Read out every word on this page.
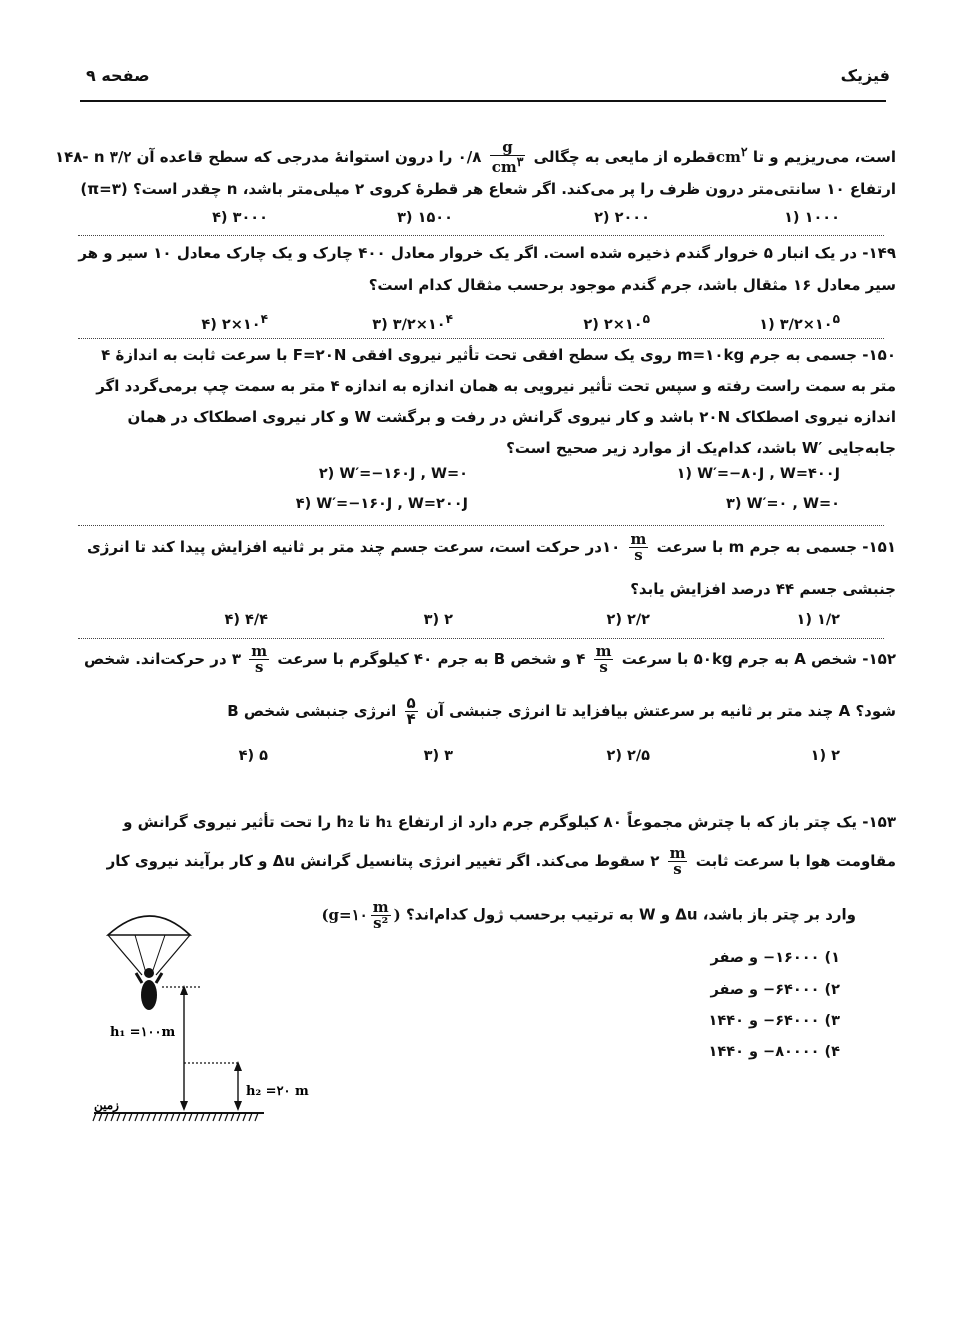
فیزیک
صفحه ۹
۱۴۸- n قطره از مایعی به چگالی
$\frac{g}{cm^۳}$
۰/۸ را درون استوانهٔ مدرجی که سطح قاعده آن $۳/۲cm^۲$ است، می‌ریزیم و تا
ارتفاع ۱۰ سانتی‌متر درون ظرف را پر می‌کند. اگر شعاع هر قطرهٔ کروی ۲ میلی‌متر باشد، n چقدر است؟ (۳=π)
۱) ۱۰۰۰
۲) ۲۰۰۰
۳) ۱۵۰۰
۴) ۳۰۰۰
۱۴۹- در یک انبار ۵ خروار گندم ذخیره شده است. اگر یک خروار معادل ۴۰۰ چارک و یک چارک معادل ۱۰ سیر و هر
سیر معادل ۱۶ مثقال باشد، جرم گندم موجود برحسب مثقال کدام است؟
۱) $۳/۲\times ۱۰^۵$
۲) $۲\times ۱۰^۵$
۳) $۳/۲\times ۱۰^۴$
۴) $۲\times ۱۰^۴$
۱۵۰- جسمی به جرم m=۱۰kg روی یک سطح افقی تحت تأثیر نیروی افقی F=۲۰N با سرعت ثابت به اندازهٔ ۴
متر به سمت راست رفته و سپس تحت تأثیر نیرویی به همان اندازه به اندازه ۴ متر به سمت چپ برمی‌گردد اگر
اندازه نیروی اصطکاک ۲۰N باشد و کار نیروی گرانش در رفت و برگشت W و کار نیروی اصطکاک در همان
جابه‌جایی ′W باشد، کدام‌یک از موارد زیر صحیح است؟
۱) W′=−۸۰J , W=۴۰۰J
۲) W′=−۱۶۰J , W=۰
۳) W′=۰ , W=۰
۴) W′=−۱۶۰J , W=۲۰۰J
۱۵۱- جسمی به جرم m با سرعت
$\frac{m}{s}$
۱۰در حرکت است، سرعت جسم چند متر بر ثانیه افزایش پیدا کند تا انرژی
جنبشی جسم ۴۴ درصد افزایش یابد؟
۱) ۱/۲
۲) ۲/۲
۳) ۲
۴) ۴/۴
۱۵۲- شخص A به جرم ۵۰kg با سرعت
$\frac{m}{s}$
۴ و شخص B به جرم ۴۰ کیلوگرم با سرعت
$\frac{m}{s}$
۳ در حرکت‌اند. شخص
B چند متر بر ثانیه بر سرعتش بیافزاید تا انرژی جنبشی آن
$\frac{۵}{۴}$
انرژی جنبشی شخص A شود؟
۱) ۲
۲) ۲/۵
۳) ۳
۴) ۵
۱۵۳- یک چتر باز که با چترش مجموعاً ۸۰ کیلوگرم جرم دارد از ارتفاع h₁ تا h₂ را تحت تأثیر نیروی گرانش و
مقاومت هوا با سرعت ثابت
$\frac{m}{s}$
۲ سقوط می‌کند. اگر تغییر انرژی پتانسیل گرانش Δu و کار برآیند نیروی کار
وارد بر چتر باز باشد، Δu و W به ترتیب برحسب ژول کدام‌اند؟ (g=۱۰ $\frac{m}{\text{s²}}$ )
۱) ۱۶۰۰۰− و صفر
۲) ۶۴۰۰۰− و صفر
۳) ۶۴۰۰۰− و ۱۴۴۰
۴) ۸۰۰۰۰− و ۱۴۴۰
h₁ =۱۰۰m
h₂ =۲۰ m
زمین
